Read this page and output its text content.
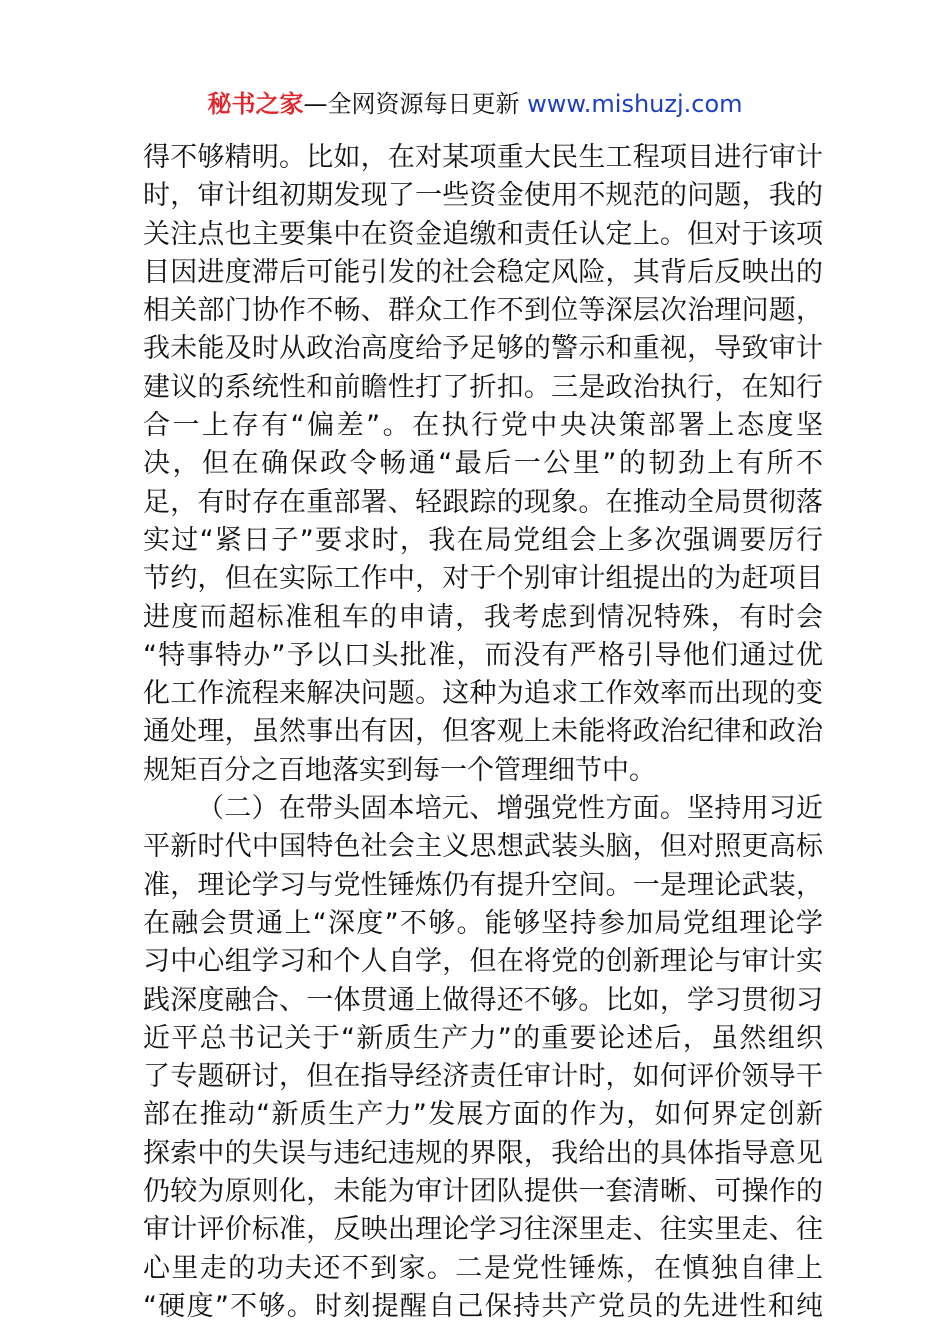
秘书之家—全网资源每日更新 www.mishuzj.com
得不够精明。比如，在对某项重大民生工程项目进行审计
时，审计组初期发现了一些资金使用不规范的问题，我的
关注点也主要集中在资金追缴和责任认定上。但对于该项
目因进度滞后可能引发的社会稳定风险，其背后反映出的
相关部门协作不畅、群众工作不到位等深层次治理问题，
我未能及时从政治高度给予足够的警示和重视，导致审计
建议的系统性和前瞻性打了折扣。三是政治执行，在知行
合一上存有“偏差”。在执行党中央决策部署上态度坚
决，但在确保政令畅通“最后一公里”的韧劲上有所不
足，有时存在重部署、轻跟踪的现象。在推动全局贯彻落
实过“紧日子”要求时，我在局党组会上多次强调要厉行
节约，但在实际工作中，对于个别审计组提出的为赶项目
进度而超标准租车的申请，我考虑到情况特殊，有时会
“特事特办”予以口头批准，而没有严格引导他们通过优
化工作流程来解决问题。这种为追求工作效率而出现的变
通处理，虽然事出有因，但客观上未能将政治纪律和政治
规矩百分之百地落实到每一个管理细节中。
（二）在带头固本培元、增强党性方面。坚持用习近
平新时代中国特色社会主义思想武装头脑，但对照更高标
准，理论学习与党性锤炼仍有提升空间。一是理论武装，
在融会贯通上“深度”不够。能够坚持参加局党组理论学
习中心组学习和个人自学，但在将党的创新理论与审计实
践深度融合、一体贯通上做得还不够。比如，学习贯彻习
近平总书记关于“新质生产力”的重要论述后，虽然组织
了专题研讨，但在指导经济责任审计时，如何评价领导干
部在推动“新质生产力”发展方面的作为，如何界定创新
探索中的失误与违纪违规的界限，我给出的具体指导意见
仍较为原则化，未能为审计团队提供一套清晰、可操作的
审计评价标准，反映出理论学习往深里走、往实里走、往
心里走的功夫还不到家。二是党性锤炼，在慎独自律上
“硬度”不够。时刻提醒自己保持共产党员的先进性和纯
